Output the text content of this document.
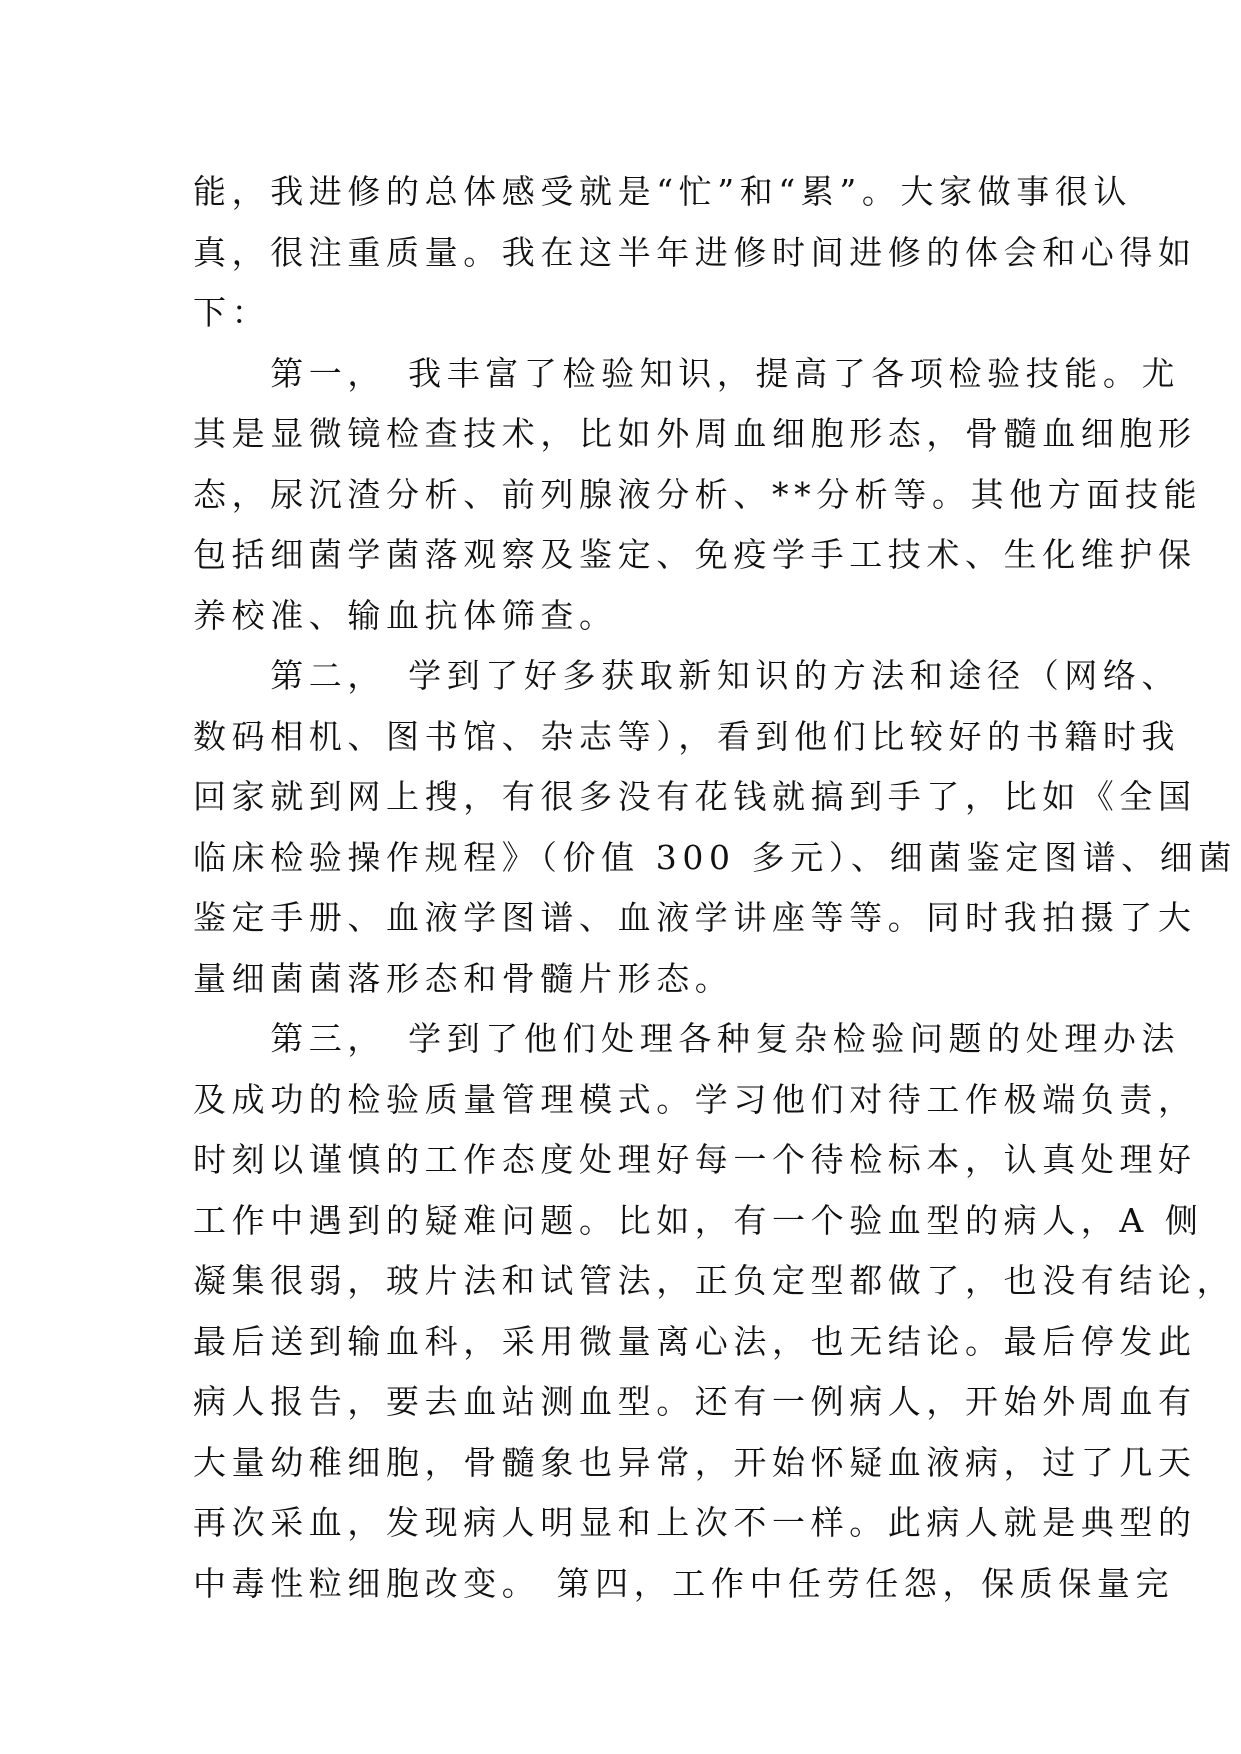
能，我进修的总体感受就是“忙”和“累”。大家做事很认
真，很注重质量。我在这半年进修时间进修的体会和心得如
下：
　　第一，　我丰富了检验知识，提高了各项检验技能。尤
其是显微镜检查技术，比如外周血细胞形态，骨髓血细胞形
态，尿沉渣分析、前列腺液分析、**分析等。其他方面技能
包括细菌学菌落观察及鉴定、免疫学手工技术、生化维护保
养校准、输血抗体筛查。
　　第二，　学到了好多获取新知识的方法和途径（网络、
数码相机、图书馆、杂志等），看到他们比较好的书籍时我
回家就到网上搜，有很多没有花钱就搞到手了，比如《全国
临床检验操作规程》（价值 300 多元）、细菌鉴定图谱、细菌
鉴定手册、血液学图谱、血液学讲座等等。同时我拍摄了大
量细菌菌落形态和骨髓片形态。
　　第三，　学到了他们处理各种复杂检验问题的处理办法
及成功的检验质量管理模式。学习他们对待工作极端负责，
时刻以谨慎的工作态度处理好每一个待检标本，认真处理好
工作中遇到的疑难问题。比如，有一个验血型的病人，A 侧
凝集很弱，玻片法和试管法，正负定型都做了，也没有结论，
最后送到输血科，采用微量离心法，也无结论。最后停发此
病人报告，要去血站测血型。还有一例病人，开始外周血有
大量幼稚细胞，骨髓象也异常，开始怀疑血液病，过了几天
再次采血，发现病人明显和上次不一样。此病人就是典型的
中毒性粒细胞改变。 第四，工作中任劳任怨，保质保量完
